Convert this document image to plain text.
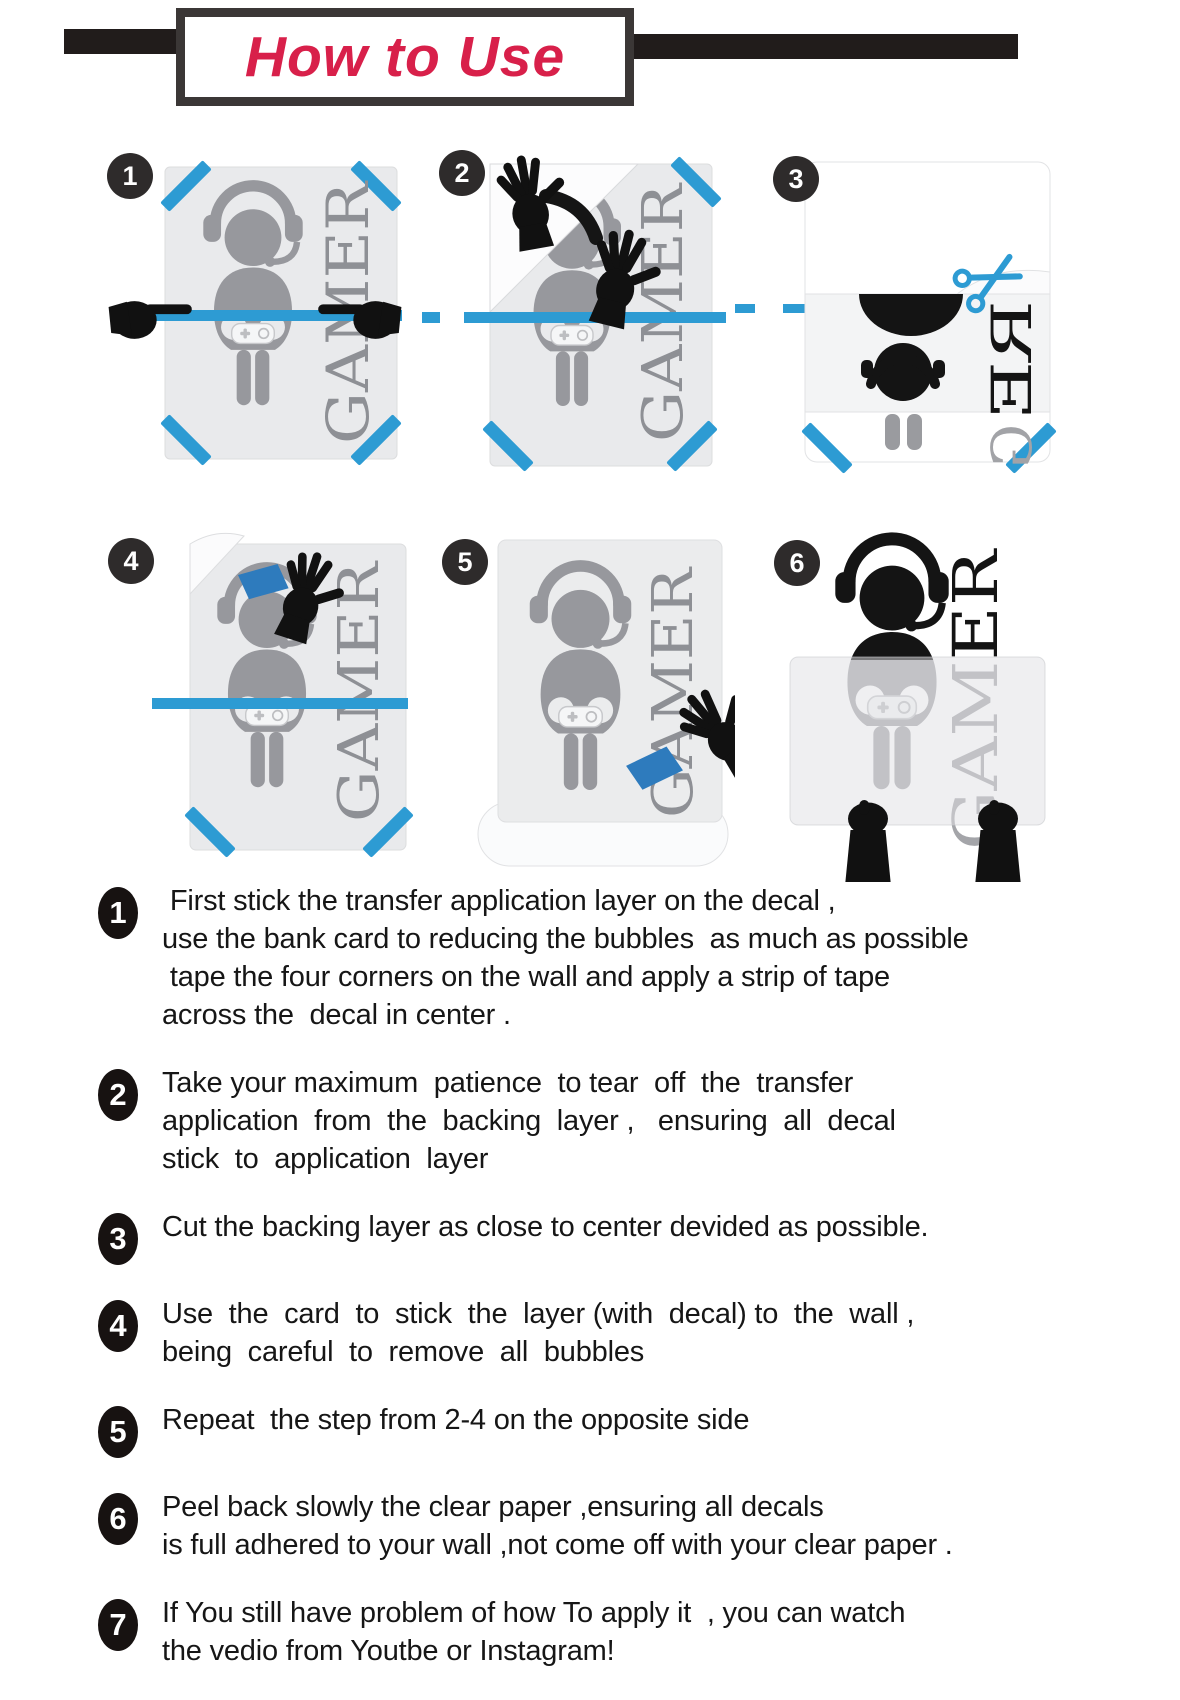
How to Use
1
GAMER
2
GAMER
3
RE
G
4
GAMER
5
GAMER
6
1	First stick the transfer application layer on the decal ,
use the bank card to reducing the bubbles  as much as possible
tape the four corners on the wall and apply a strip of tape
across the  decal in center .

2	Take your maximum  patience  to tear  off  the  transfer
application  from  the  backing  layer ,   ensuring  all  decal
stick  to  application  layer

3	Cut the backing layer as close to center devided as possible.

4	Use  the  card  to  stick  the  layer (with  decal) to  the  wall ,
being  careful  to  remove  all  bubbles

5	Repeat  the step from 2-4 on the opposite side

6	Peel back slowly the clear paper ,ensuring all decals
is full adhered to your wall ,not come off with your clear paper .

7	If You still have problem of how To apply it  , you can watch
the vedio from Youtbe or Instagram!
